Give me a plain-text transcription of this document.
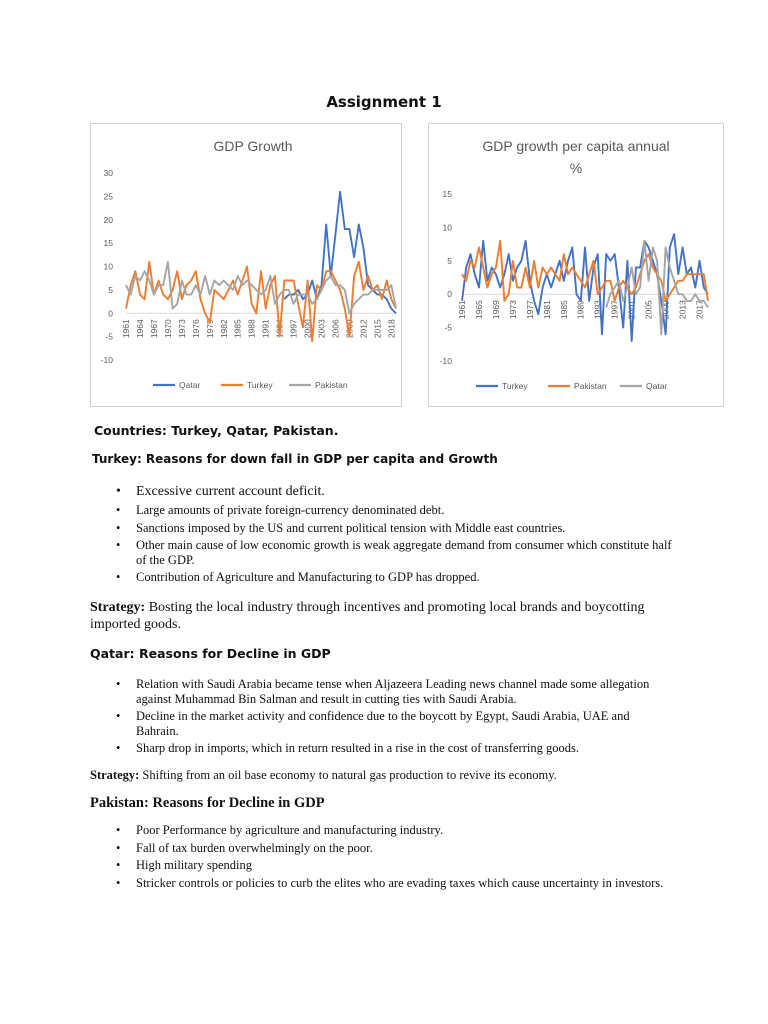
Assignment 1
GDP Growth
-10
-5
0
5
10
15
20
25
30
1961 1964 1967 1970 1973 1976 1979 1982 1985 1988 1991 1994 1997 2000 2003 2006 2009 2012 2015 2018
Qatar	Turkey	Pakistan
GDP growth per capita annual
%
-10
-5
0
5
10
15
1961 1965 1969 1973 1977 1981 1985 1989 1993 1997 2001 2005 2009 2013 2017
Turkey	Pakistan	Qatar
Countries: Turkey, Qatar, Pakistan.
Turkey: Reasons for down fall in GDP per capita and Growth
• Excessive current account deficit.
• Large amounts of private foreign-currency denominated debt.
• Sanctions imposed by the US and current political tension with Middle east countries.
• Other main cause of low economic growth is weak aggregate demand from consumer which constitute half of the GDP.
• Contribution of Agriculture and Manufacturing to GDP has dropped.
Strategy: Bosting the local industry through incentives and promoting local brands and boycotting imported goods.
Qatar: Reasons for Decline in GDP
• Relation with Saudi Arabia became tense when Aljazeera Leading news channel made some allegation against Muhammad Bin Salman and result in cutting ties with Saudi Arabia.
• Decline in the market activity and confidence due to the boycott by Egypt, Saudi Arabia, UAE and Bahrain.
• Sharp drop in imports, which in return resulted in a rise in the cost of transferring goods.
Strategy: Shifting from an oil base economy to natural gas production to revive its economy.
Pakistan: Reasons for Decline in GDP
• Poor Performance by agriculture and manufacturing industry.
• Fall of tax burden overwhelmingly on the poor.
• High military spending
• Stricker controls or policies to curb the elites who are evading taxes which cause uncertainty in investors.
